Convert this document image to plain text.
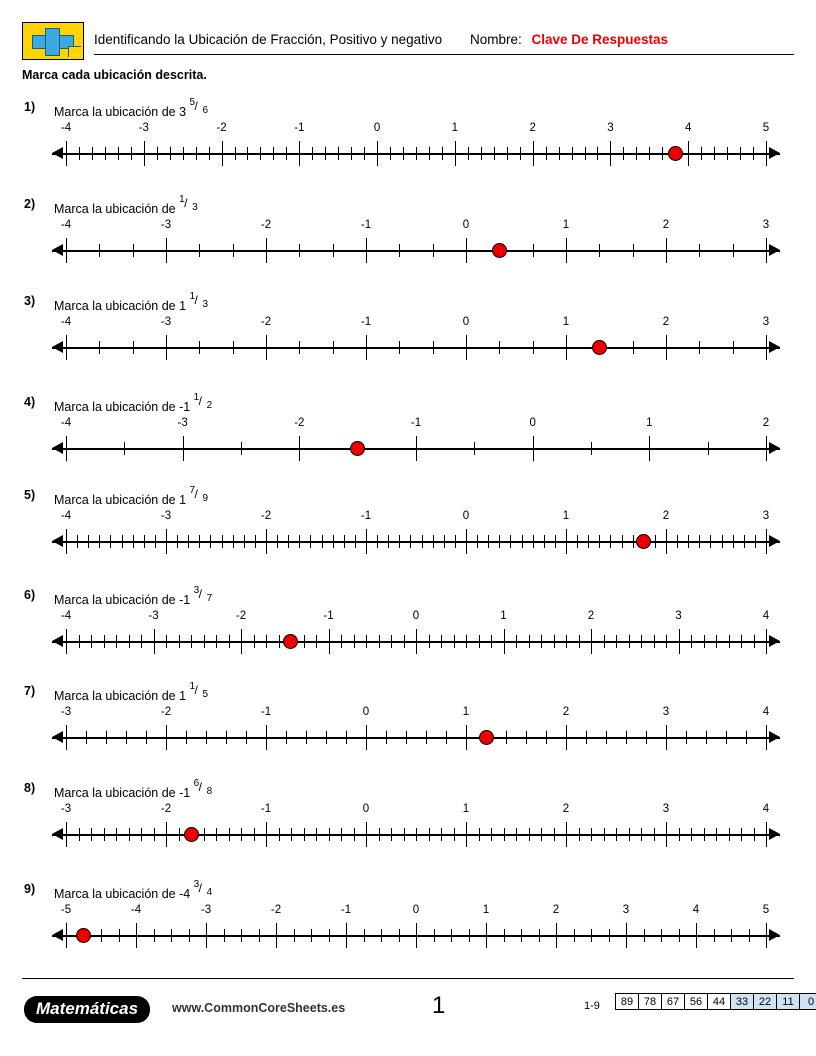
Identificando la Ubicación de Fracción, Positivo y negativo Nombre: Clave De Respuestas
Marca cada ubicación descrita.
1) Marca la ubicación de 3
5 / 6
-4	-3	-2	-1	0	1	2	3	4	5
2) Marca la ubicación de
1 / 3
-4	-3	-2	-1	0	1	2	3
3) Marca la ubicación de 1
1 / 3
-4	-3	-2	-1	0	1	2	3
4) Marca la ubicación de -1
1 / 2
-4	-3	-2	-1	0	1	2
5) Marca la ubicación de 1
7 / 9
-4	-3	-2	-1	0	1	2	3
6) Marca la ubicación de -1
3 / 7
-4	-3	-2	-1	0	1	2	3	4
7) Marca la ubicación de 1
1 / 5
-3	-2	-1	0	1	2	3	4
8) Marca la ubicación de -1
6 / 8
-3	-2	-1	0	1	2	3	4
9) Marca la ubicación de -4
3 / 4
-5	-4	-3	-2	-1	0	1	2	3	4	5
Matemáticas	www.CommonCoreSheets.es	1	1-9	89 78 67 56 44 33 22	11	0
